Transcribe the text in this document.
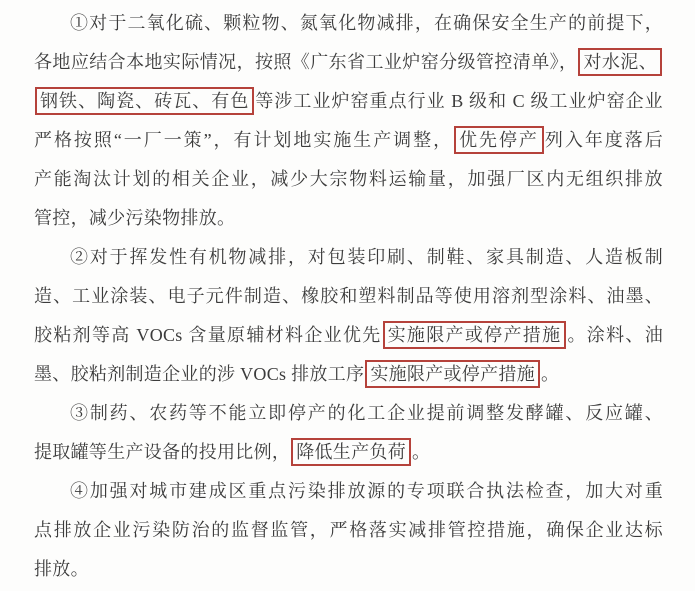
①对于二氧化硫、颗粒物、氮氧化物减排，在确保安全生产的前提下，
各地应结合本地实际情况，按照《广东省工业炉窑分级管控清单》， 对水泥、
钢铁、陶瓷、砖瓦、有色 等涉工业炉窑重点行业 B 级和 C 级工业炉窑企业
严格按照“一厂一策”，有计划地实施生产调整， 优先停产 列入年度落后
产能淘汰计划的相关企业，减少大宗物料运输量，加强厂区内无组织排放
管控，减少污染物排放。
②对于挥发性有机物减排，对包装印刷、制鞋、家具制造、人造板制
造、工业涂装、电子元件制造、橡胶和塑料制品等使用溶剂型涂料、油墨、
胶粘剂等高 VOCs 含量原辅材料企业优先 实施限产或停产措施 。涂料、油
墨、胶粘剂制造企业的涉 VOCs 排放工序 实施限产或停产措施 。
③制药、农药等不能立即停产的化工企业提前调整发酵罐、反应罐、
提取罐等生产设备的投用比例， 降低生产负荷 。
④加强对城市建成区重点污染排放源的专项联合执法检查，加大对重
点排放企业污染防治的监督监管，严格落实减排管控措施，确保企业达标
排放。
